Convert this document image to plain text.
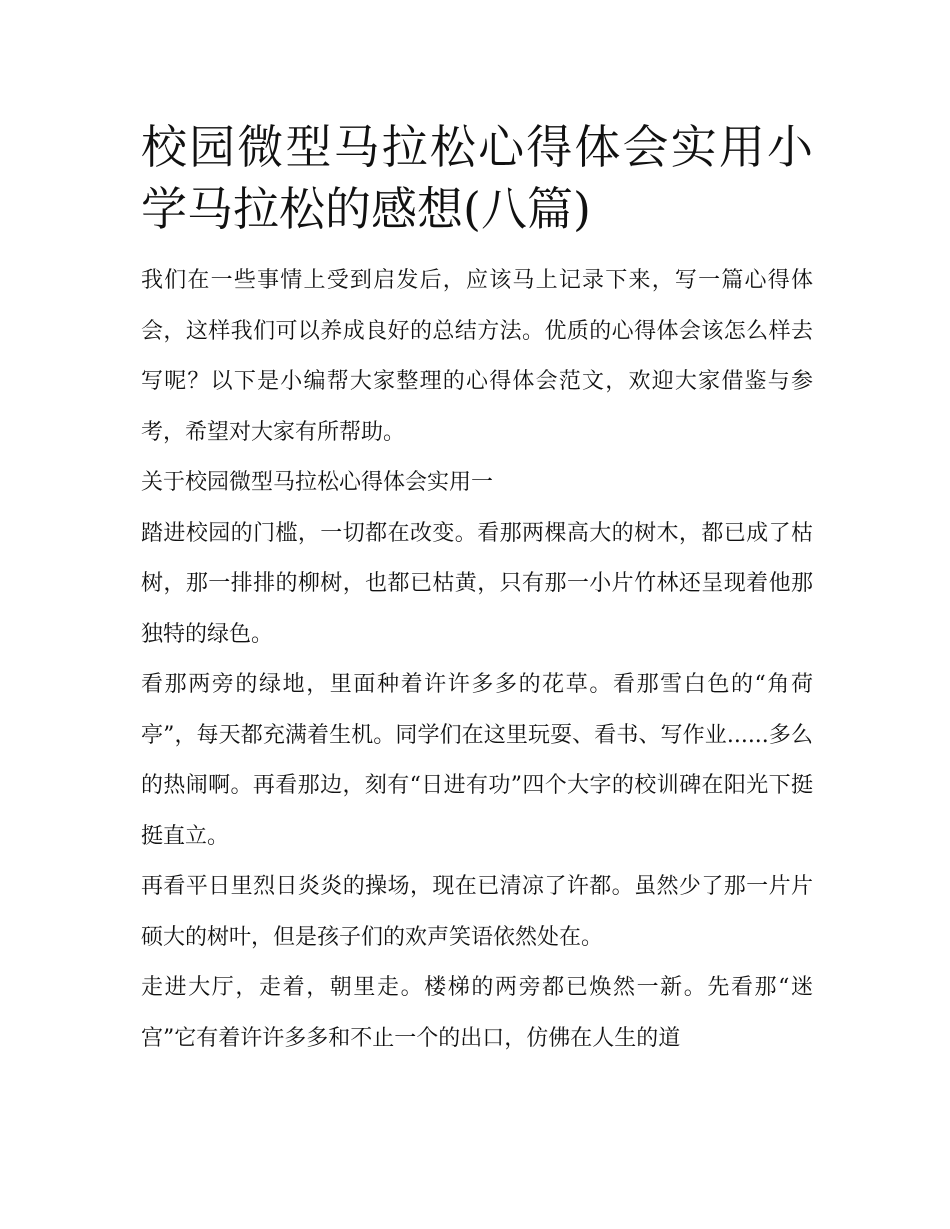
校园微型马拉松心得体会实用小学马拉松的感想(八篇)

我们在一些事情上受到启发后，应该马上记录下来，写一篇心得体会，这样我们可以养成良好的总结方法。优质的心得体会该怎么样去写呢？以下是小编帮大家整理的心得体会范文，欢迎大家借鉴与参考，希望对大家有所帮助。

关于校园微型马拉松心得体会实用一

踏进校园的门槛，一切都在改变。看那两棵高大的树木，都已成了枯树，那一排排的柳树，也都已枯黄，只有那一小片竹林还呈现着他那独特的绿色。

看那两旁的绿地，里面种着许许多多的花草。看那雪白色的“角荷亭”，每天都充满着生机。同学们在这里玩耍、看书、写作业......多么的热闹啊。再看那边，刻有“日进有功”四个大字的校训碑在阳光下挺挺直立。

再看平日里烈日炎炎的操场，现在已清凉了许都。虽然少了那一片片硕大的树叶，但是孩子们的欢声笑语依然处在。

走进大厅，走着，朝里走。楼梯的两旁都已焕然一新。先看那“迷宫”它有着许许多多和不止一个的出口，仿佛在人生的道
